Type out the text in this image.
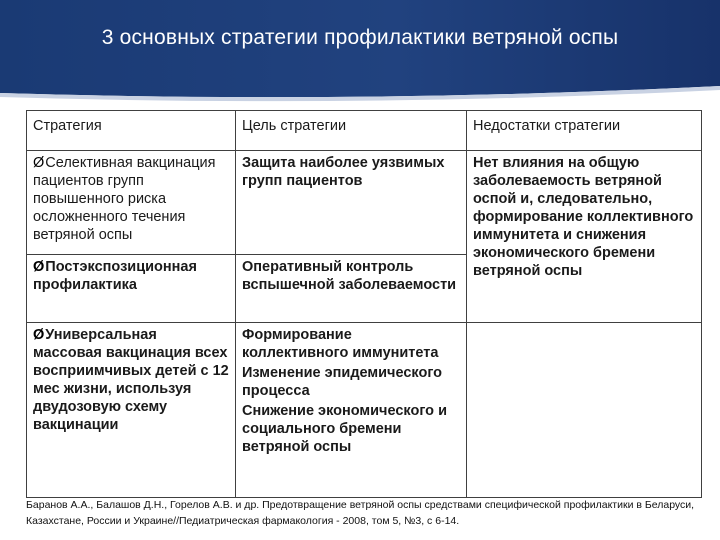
3 основных стратегии профилактики ветряной оспы
Стратегия	Цель стратегии	Недостатки стратегии
ØСелективная вакцинация пациентов групп повышенного риска осложненного течения ветряной оспы	Защита наиболее уязвимых групп пациентов	Нет влияния на общую заболеваемость ветряной оспой и, следовательно, формирование коллективного иммунитета и снижения экономического бремени ветряной оспы
ØПостэкспозиционная профилактика	Оперативный контроль вспышечной заболеваемости	

ØУниверсальная массовая вакцинация всех восприимчивых детей с 12 мес жизни, используя двудозовую схему вакцинации	Формирование коллективного иммунитета
Изменение эпидемического процесса
Снижение экономического и социального бремени ветряной оспы	

Баранов А.А., Балашов Д.Н., Горелов А.В. и др. Предотвращение ветряной оспы средствами специфической профилактики в Беларуси, Казахстане, России и Украине//Педиатрическая фармакология - 2008, том 5, №3, с 6-14.
